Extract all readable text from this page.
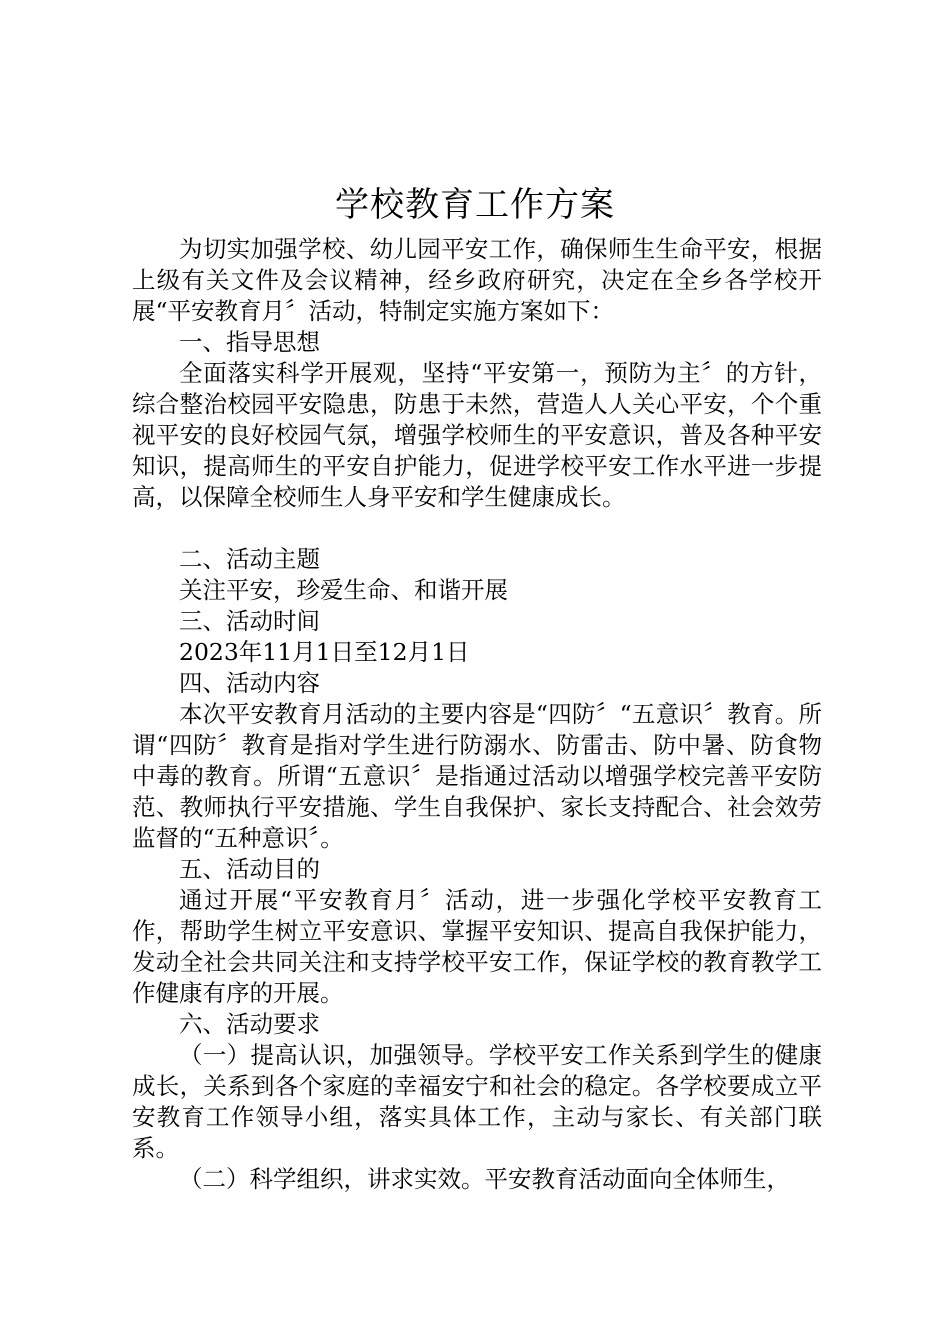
学校教育工作方案

为切实加强学校、幼儿园平安工作，确保师生生命平安，根据上级有关文件及会议精神，经乡政府研究，决定在全乡各学校开展“平安教育月〞活动，特制定实施方案如下：

一、指导思想

全面落实科学开展观，坚持“平安第一，预防为主〞的方针，综合整治校园平安隐患，防患于未然，营造人人关心平安，个个重视平安的良好校园气氛，增强学校师生的平安意识，普及各种平安知识，提高师生的平安自护能力，促进学校平安工作水平进一步提高，以保障全校师生人身平安和学生健康成长。

二、活动主题

关注平安，珍爱生命、和谐开展

三、活动时间

2023年11月1日至12月1日

四、活动内容

本次平安教育月活动的主要内容是“四防〞“五意识〞教育。所谓“四防〞教育是指对学生进行防溺水、防雷击、防中暑、防食物中毒的教育。所谓“五意识〞是指通过活动以增强学校完善平安防范、教师执行平安措施、学生自我保护、家长支持配合、社会效劳监督的“五种意识〞。

五、活动目的

通过开展“平安教育月〞活动，进一步强化学校平安教育工作，帮助学生树立平安意识、掌握平安知识、提高自我保护能力，发动全社会共同关注和支持学校平安工作，保证学校的教育教学工作健康有序的开展。

六、活动要求

（一）提高认识，加强领导。学校平安工作关系到学生的健康成长，关系到各个家庭的幸福安宁和社会的稳定。各学校要成立平安教育工作领导小组，落实具体工作，主动与家长、有关部门联系。

（二）科学组织，讲求实效。平安教育活动面向全体师生，
